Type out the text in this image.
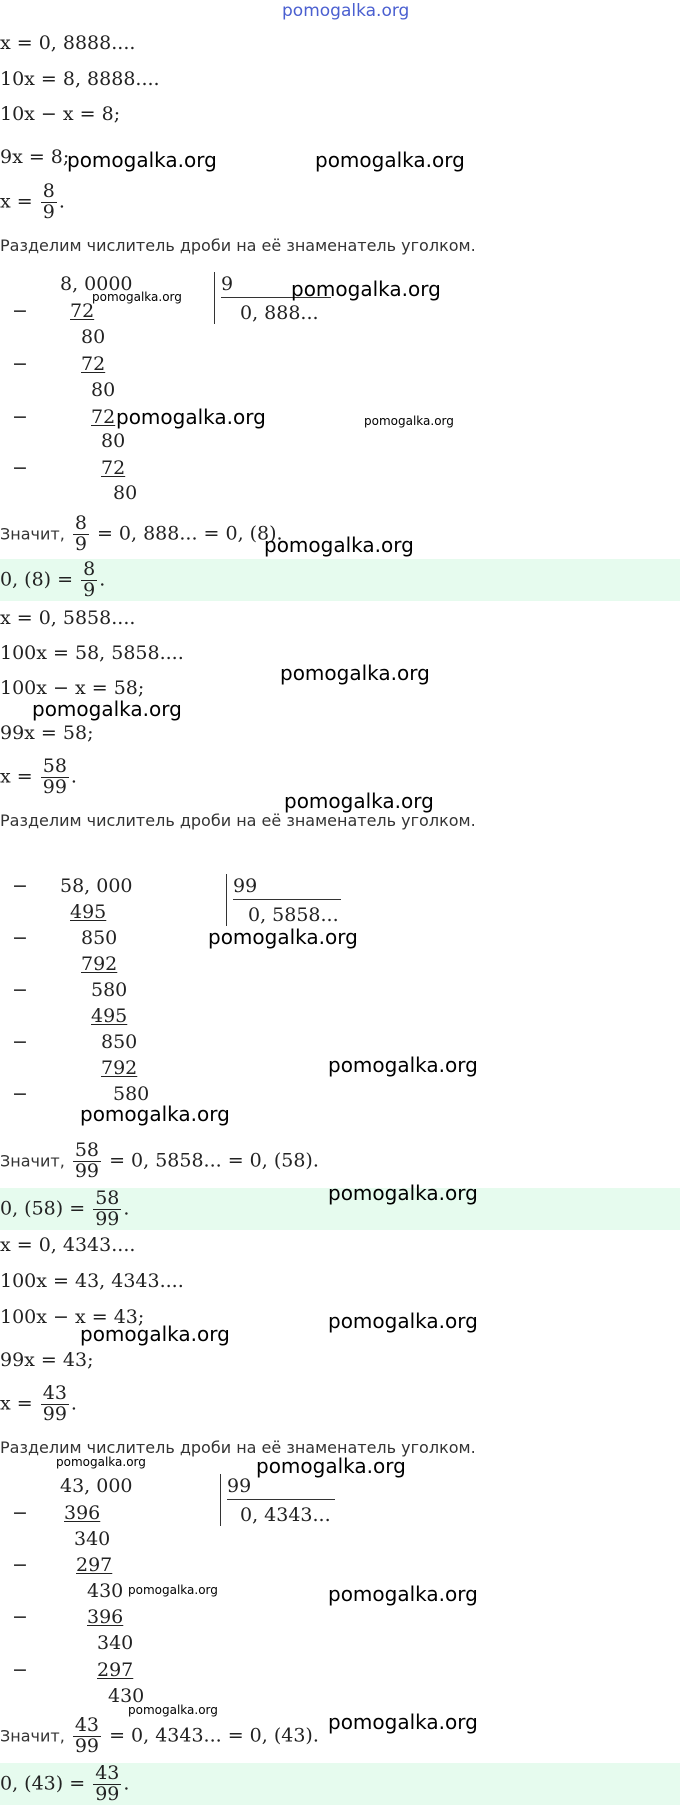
pomogalka.org
x = 0, 8888....
10x = 8, 8888....
10x − x = 8;
9x = 8;
$x = \frac{8}{9}$ .
Разделим числитель дроби на её знаменатель уголком.
8, 0000	9
0, 888...
− 72
80
−	72
80
−	72
80
−	72
80
Значит, $\frac{8}{9} = 0$, 888... = 0, (8).
0, $(8) = \frac{8}{9}$ .
x = 0, 5858....
100x = 58, 5858....
100x − x = 58;
99x = 58;
$x = \frac{58}{99}$ .
Разделим числитель дроби на её знаменатель уголком.
− 58, 000	99
0, 5858...
495
−	850
792
−	580
495
−	850
792
−	580
Значит, $\frac{58}{99} = 0$, 5858... = 0, (58).
0, $(58) = \frac{58}{99}$ .
x = 0, 4343....
100x = 43, 4343....
100x − x = 43;
99x = 43;
$x = \frac{43}{99}$ .
Разделим числитель дроби на её знаменатель уголком.
43, 000	99
0, 4343...
− 396
340
−	297
430
−	396
340
−	297
430
Значит, $\frac{43}{99} = 0$, 4343... = 0, (43).
0, $(43) = \frac{43}{99}$ .
pomogalka.org	pomogalka.org
pomogalka.org
pomogalka.org
pomogalka.org	pomogalka.org
pomogalka.org
pomogalka.org
pomogalka.org
pomogalka.org
pomogalka.org
pomogalka.org
pomogalka.org
pomogalka.org
pomogalka.org
pomogalka.org
pomogalka.org	pomogalka.org
pomogalka.org	pomogalka.org
pomogalka.org	pomogalka.org
